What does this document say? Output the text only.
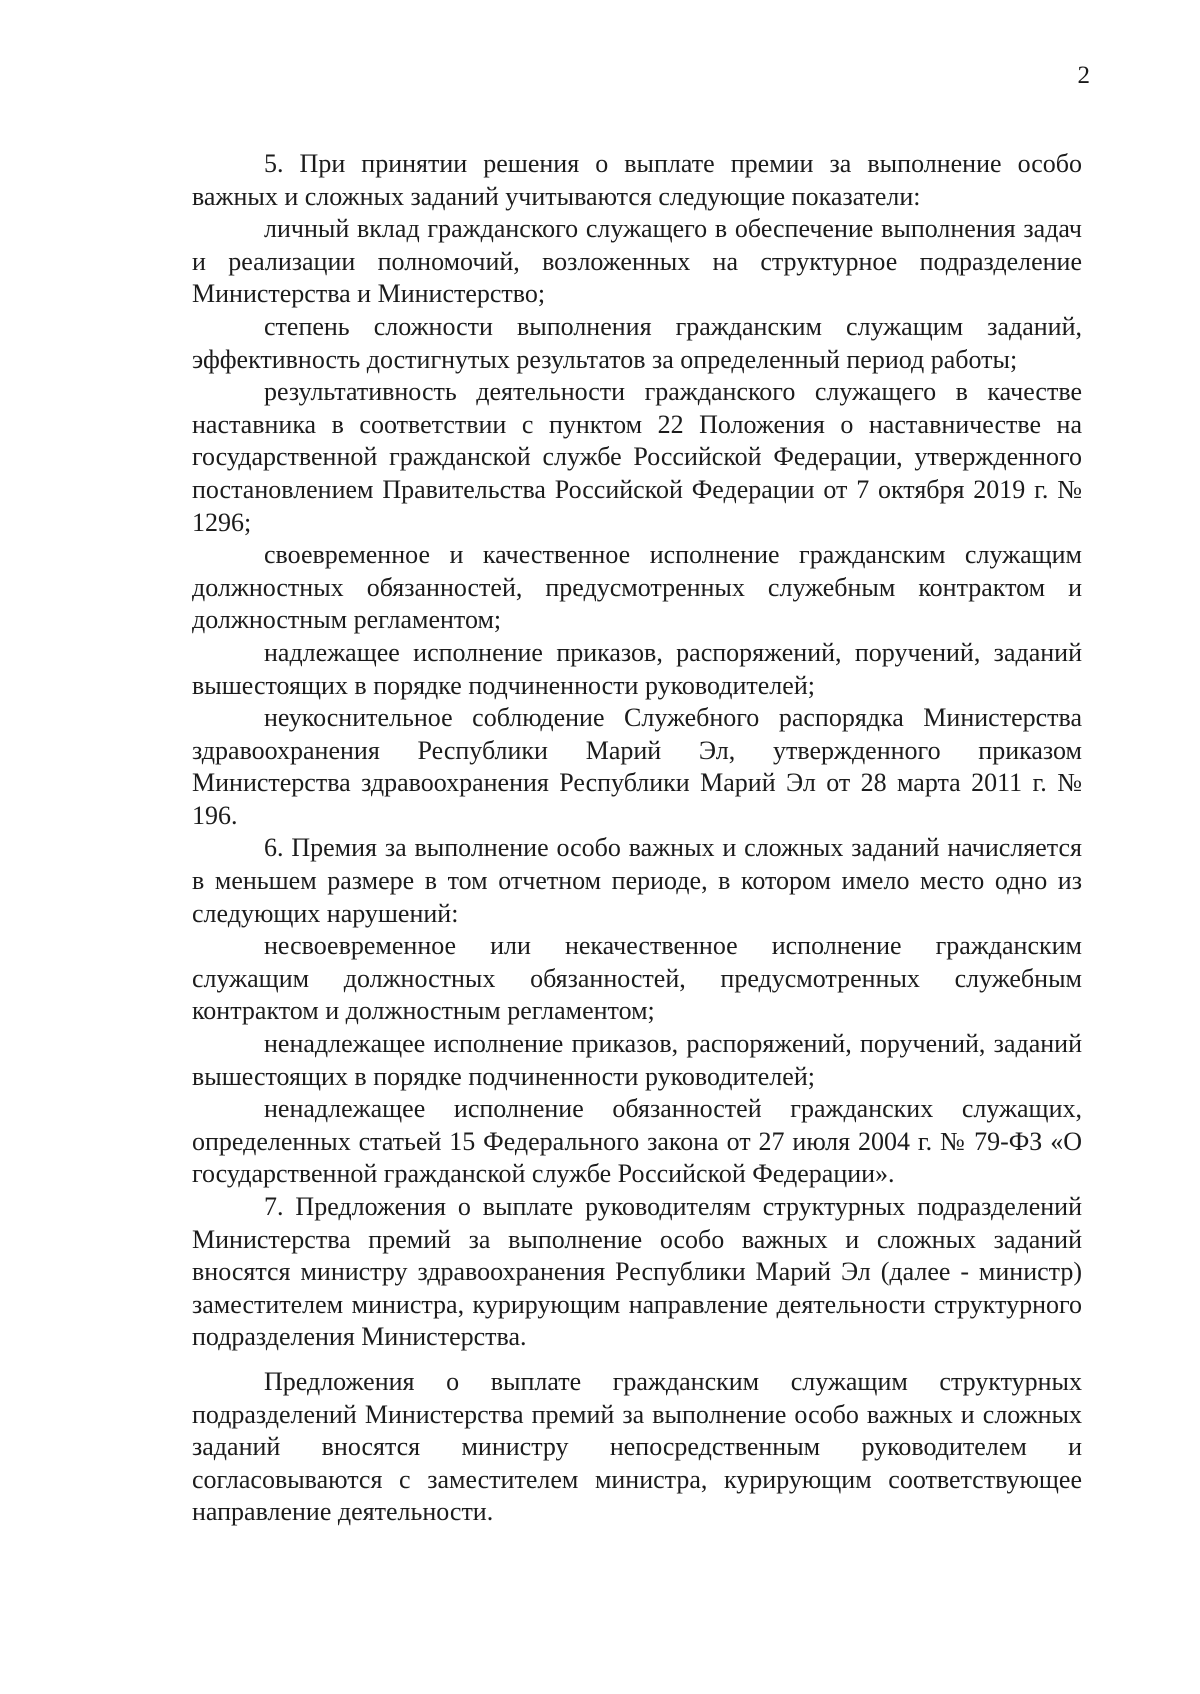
2

5. При принятии решения о выплате премии за выполнение особо важных и сложных заданий учитываются следующие показатели:

личный вклад гражданского служащего в обеспечение выполнения задач и реализации полномочий, возложенных на структурное подразделение Министерства и Министерство;

степень сложности выполнения гражданским служащим заданий, эффективность достигнутых результатов за определенный период работы;

результативность деятельности гражданского служащего в качестве наставника в соответствии с пунктом 22 Положения о наставничестве на государственной гражданской службе Российской Федерации, утвержденного постановлением Правительства Российской Федерации от 7 октября 2019 г. № 1296;

своевременное и качественное исполнение гражданским служащим должностных обязанностей, предусмотренных служебным контрактом и должностным регламентом;

надлежащее исполнение приказов, распоряжений, поручений, заданий вышестоящих в порядке подчиненности руководителей;

неукоснительное соблюдение Служебного распорядка Министерства здравоохранения Республики Марий Эл, утвержденного приказом Министерства здравоохранения Республики Марий Эл от 28 марта 2011 г. № 196.

6. Премия за выполнение особо важных и сложных заданий начисляется в меньшем размере в том отчетном периоде, в котором имело место одно из следующих нарушений:

несвоевременное или некачественное исполнение гражданским служащим должностных обязанностей, предусмотренных служебным контрактом и должностным регламентом;

ненадлежащее исполнение приказов, распоряжений, поручений, заданий вышестоящих в порядке подчиненности руководителей;

ненадлежащее исполнение обязанностей гражданских служащих, определенных статьей 15 Федерального закона от 27 июля 2004 г. № 79-ФЗ «О государственной гражданской службе Российской Федерации».

7. Предложения о выплате руководителям структурных подразделений Министерства премий за выполнение особо важных и сложных заданий вносятся министру здравоохранения Республики Марий Эл (далее - министр) заместителем министра, курирующим направление деятельности структурного подразделения Министерства.

Предложения о выплате гражданским служащим структурных подразделений Министерства премий за выполнение особо важных и сложных заданий вносятся министру непосредственным руководителем и согласовываются с заместителем министра, курирующим соответствующее направление деятельности.
